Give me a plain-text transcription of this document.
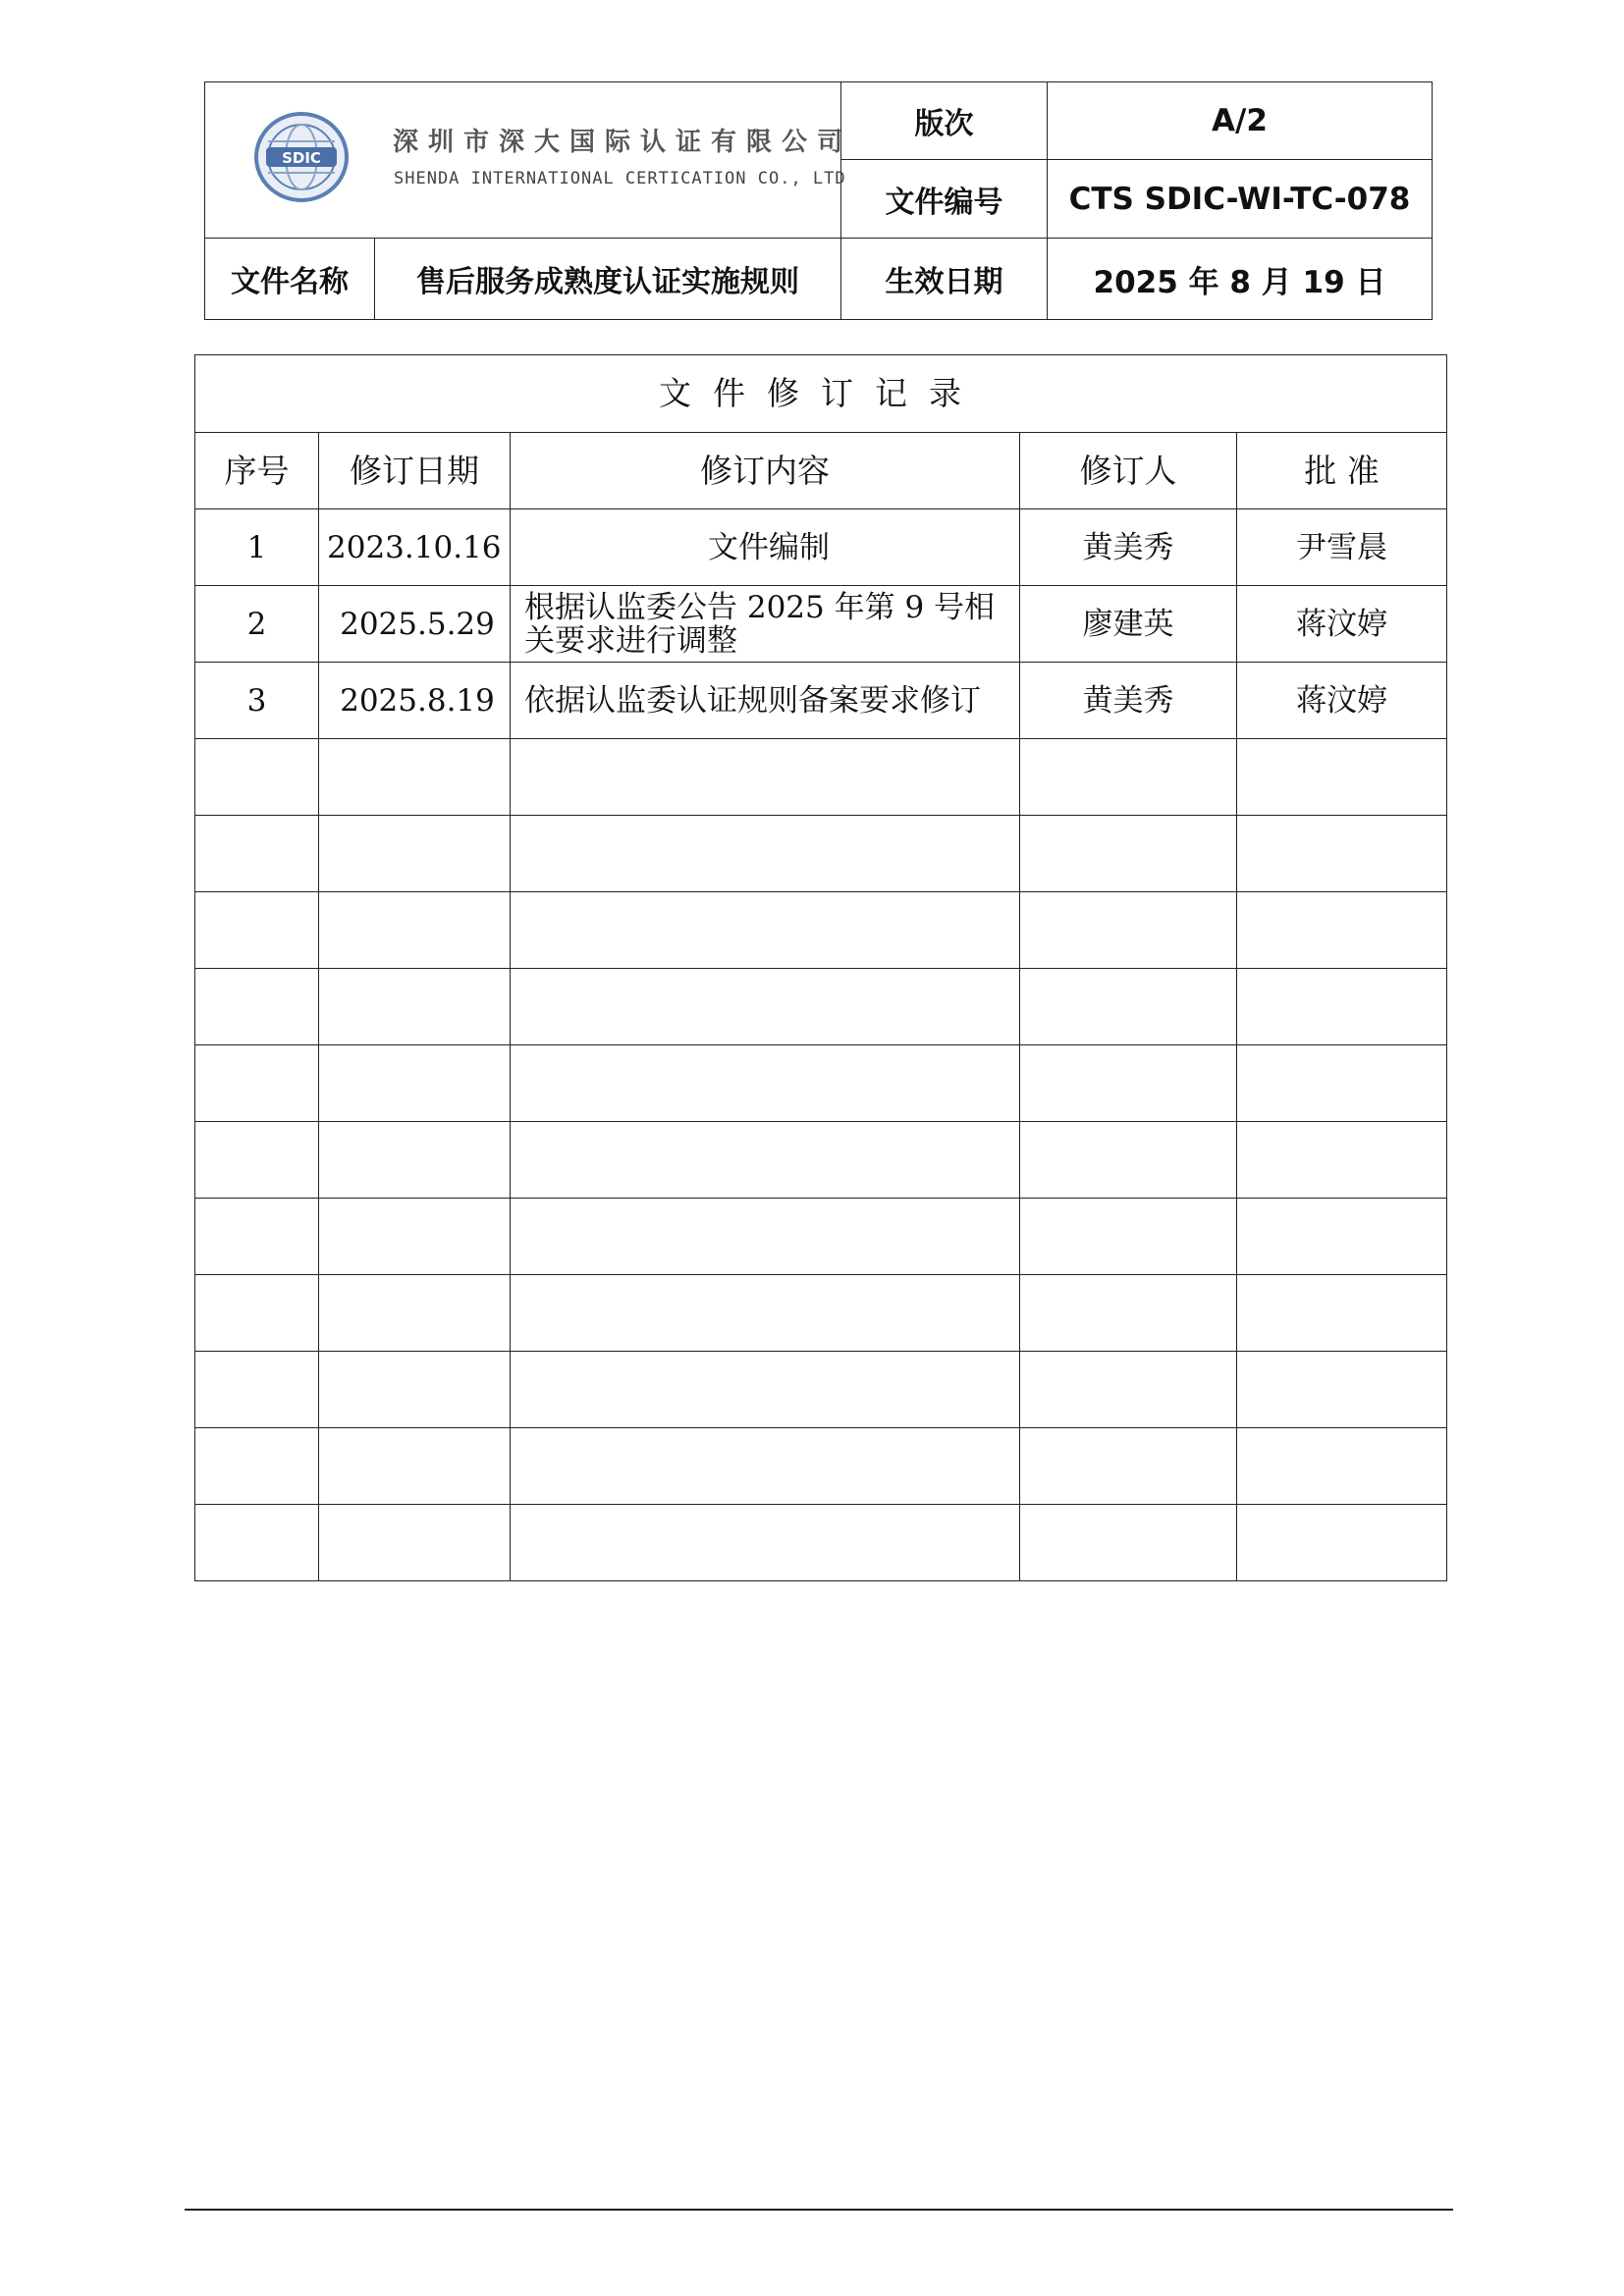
SDIC
深圳市深大国际认证有限公司
SHENDA INTERNATIONAL CERTICATION CO., LTD		版次	A/2
		文件编号	CTS SDIC-WI-TC-078
文件名称	售后服务成熟度认证实施规则	生效日期	2025 年 8 月 19 日
文件修订记录				
序号	修订日期	修订内容	修订人	批 准
1	2023.10.16	文件编制	黄美秀	尹雪晨
2	2025.5.29	根据认监委公告 2025 年第 9 号相关要求进行调整	廖建英	蒋汶婷
3	2025.8.19	依据认监委认证规则备案要求修订	黄美秀	蒋汶婷
